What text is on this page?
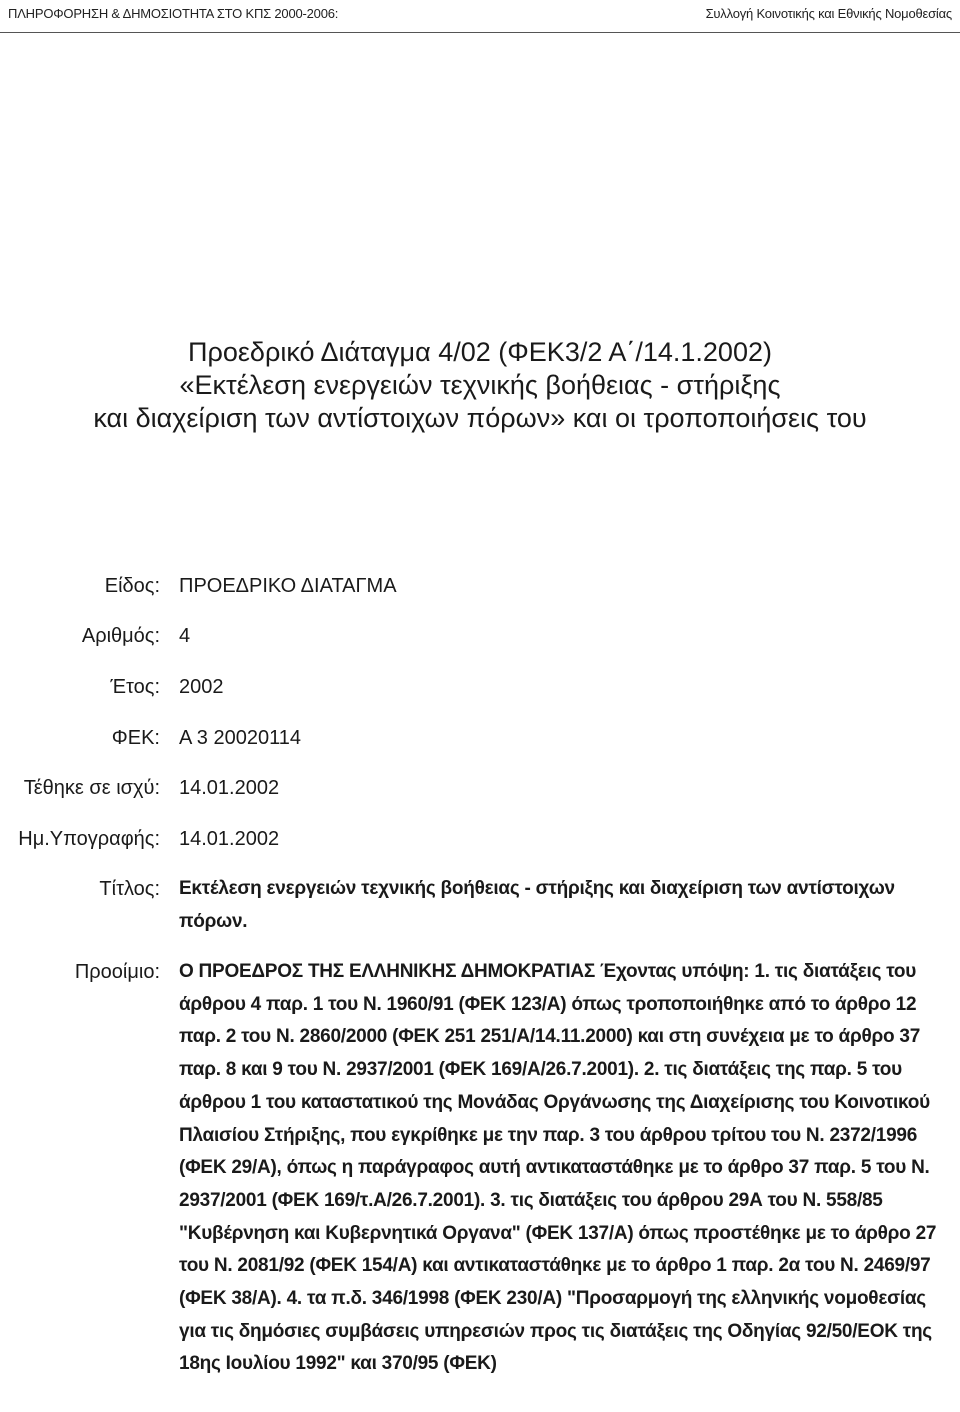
ΠΛΗΡΟΦΟΡΗΣΗ & ΔΗΜΟΣΙΟΤΗΤΑ ΣΤΟ ΚΠΣ 2000-2006:	Συλλογή Κοινοτικής και Εθνικής Νομοθεσίας
Προεδρικό Διάταγμα 4/02 (ΦΕΚ3/2 Α΄/14.1.2002)
«Εκτέλεση ενεργειών τεχνικής βοήθειας - στήριξης
και διαχείριση των αντίστοιχων πόρων» και οι τροποποιήσεις του
Είδος: ΠΡΟΕΔΡΙΚΟ ΔΙΑΤΑΓΜΑ
Αριθμός: 4
Έτος: 2002
ΦΕΚ: Α 3 20020114
Τέθηκε σε ισχύ: 14.01.2002
Ημ.Υπογραφής: 14.01.2002
Τίτλος: Εκτέλεση ενεργειών τεχνικής βοήθειας - στήριξης και διαχείριση των αντίστοιχων πόρων.
Προοίμιο: Ο ΠΡΟΕΔΡΟΣ ΤΗΣ ΕΛΛΗΝΙΚΗΣ ΔΗΜΟΚΡΑΤΙΑΣ Έχοντας υπόψη: 1. τις διατάξεις του άρθρου 4 παρ. 1 του Ν. 1960/91 (ΦΕΚ 123/Α) όπως τροποποιήθηκε από το άρθρο 12 παρ. 2 του Ν. 2860/2000 (ΦΕΚ 251 251/Α/14.11.2000) και στη συνέχεια με το άρθρο 37 παρ. 8 και 9 του Ν. 2937/2001 (ΦΕΚ 169/Α/26.7.2001). 2. τις διατάξεις της παρ. 5 του άρθρου 1 του καταστατικού της Μονάδας Οργάνωσης της Διαχείρισης του Κοινοτικού Πλαισίου Στήριξης, που εγκρίθηκε με την παρ. 3 του άρθρου τρίτου του Ν. 2372/1996 (ΦΕΚ 29/Α), όπως η παράγραφος αυτή αντικαταστάθηκε με το άρθρο 37 παρ. 5 του Ν. 2937/2001 (ΦΕΚ 169/τ.Α/26.7.2001). 3. τις διατάξεις του άρθρου 29Α του Ν. 558/85 "Κυβέρνηση και Κυβερνητικά Οργανα" (ΦΕΚ 137/Α) όπως προστέθηκε με το άρθρο 27 του Ν. 2081/92 (ΦΕΚ 154/Α) και αντικαταστάθηκε με το άρθρο 1 παρ. 2α του Ν. 2469/97 (ΦΕΚ 38/Α). 4. τα π.δ. 346/1998 (ΦΕΚ 230/Α) "Προσαρμογή της ελληνικής νομοθεσίας για τις δημόσιες συμβάσεις υπηρεσιών προς τις διατάξεις της Οδηγίας 92/50/ΕΟΚ της 18ης Ιουλίου 1992" και 370/95 (ΦΕΚ)
